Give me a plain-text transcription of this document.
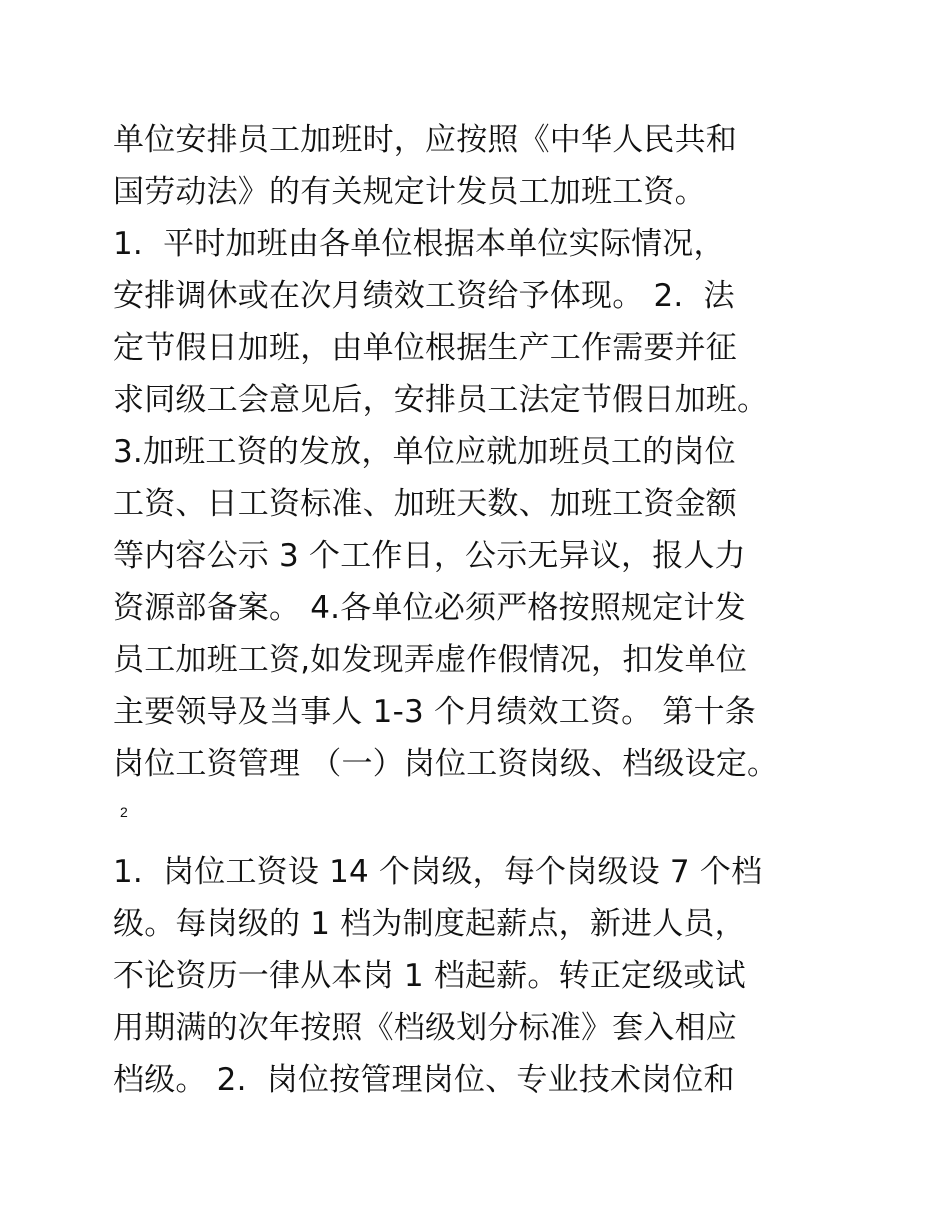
单位安排员工加班时，应按照《中华人民共和
国劳动法》的有关规定计发员工加班工资。
1.  平时加班由各单位根据本单位实际情况，
安排调休或在次月绩效工资给予体现。 2.  法
定节假日加班，由单位根据生产工作需要并征
求同级工会意见后，安排员工法定节假日加班。
3.加班工资的发放，单位应就加班员工的岗位
工资、日工资标准、加班天数、加班工资金额
等内容公示 3 个工作日，公示无异议，报人力
资源部备案。 4.各单位必须严格按照规定计发
员工加班工资,如发现弄虚作假情况，扣发单位
主要领导及当事人 1-3 个月绩效工资。 第十条
岗位工资管理 （一）岗位工资岗级、档级设定。
2
1.  岗位工资设 14 个岗级，每个岗级设 7 个档
级。每岗级的 1 档为制度起薪点，新进人员，
不论资历一律从本岗 1 档起薪。转正定级或试
用期满的次年按照《档级划分标准》套入相应
档级。 2.  岗位按管理岗位、专业技术岗位和
